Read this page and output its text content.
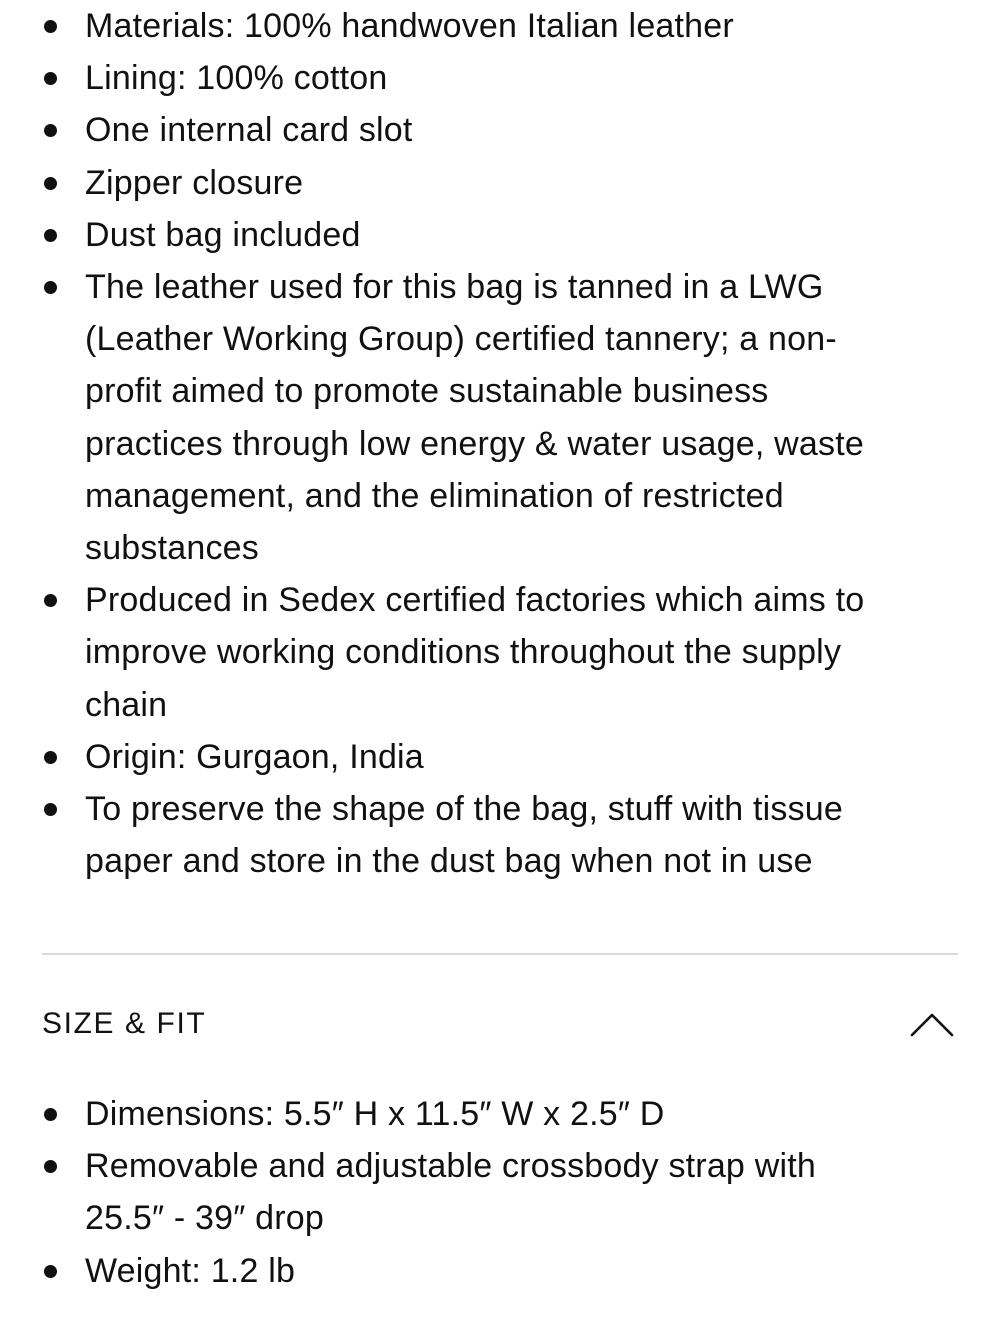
Materials: 100% handwoven Italian leather
Lining: 100% cotton
One internal card slot
Zipper closure
Dust bag included
The leather used for this bag is tanned in a LWG
(Leather Working Group) certified tannery; a non-
profit aimed to promote sustainable business
practices through low energy & water usage, waste
management, and the elimination of restricted
substances
Produced in Sedex certified factories which aims to
improve working conditions throughout the supply
chain
Origin: Gurgaon, India
To preserve the shape of the bag, stuff with tissue
paper and store in the dust bag when not in use
SIZE & FIT
Dimensions: 5.5″ H x 11.5″ W x 2.5″ D
Removable and adjustable crossbody strap with
25.5″ - 39″ drop
Weight: 1.2 lb
